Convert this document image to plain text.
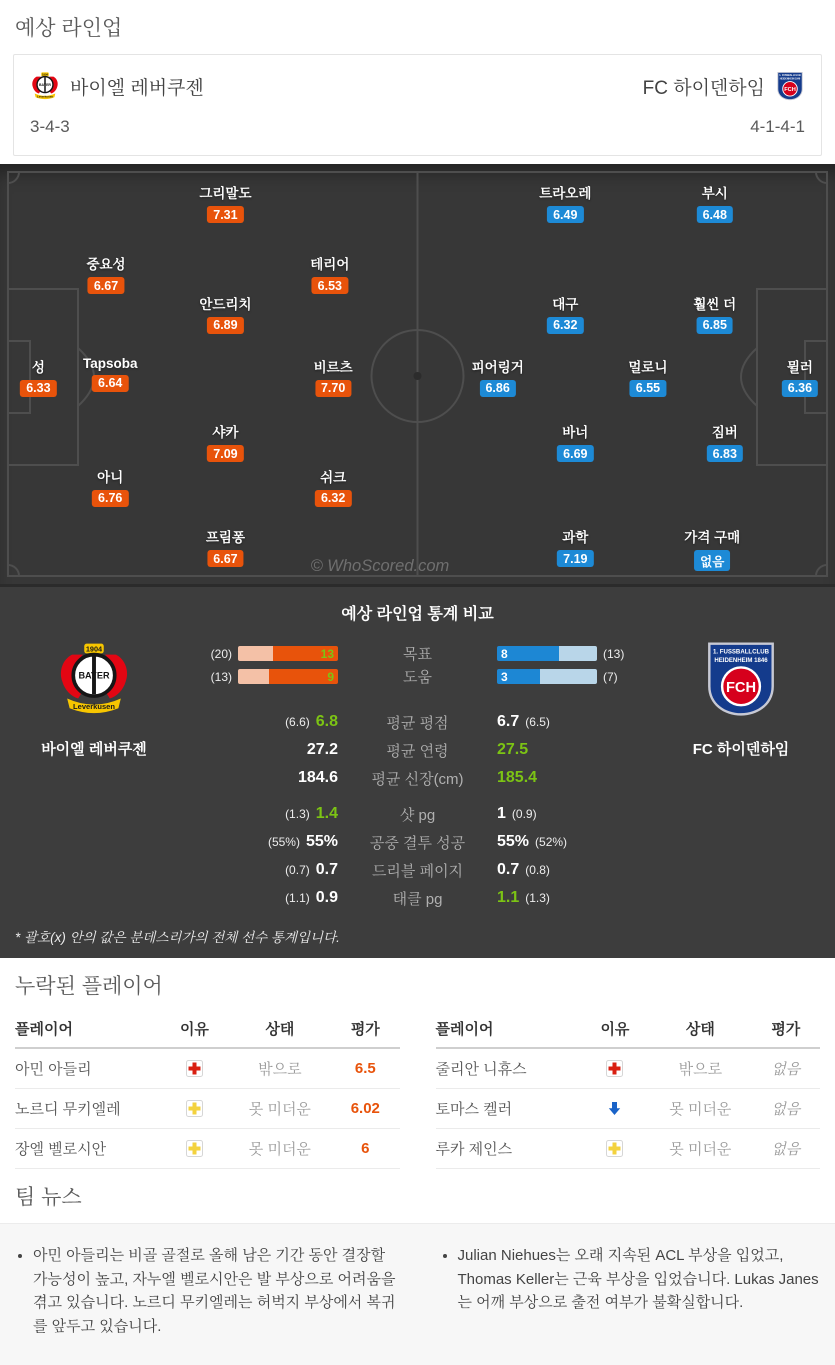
예상 라인업
바이엘 레버쿠젠	FC 하이덴하임
3-4-3	4-1-4-1
© WhoScored.com
그리말도
7.31
중요성
6.67
테리어
6.53
안드리치
6.89
성
6.33
Tapsoba
6.64
비르츠
7.70
샤카
7.09
아니
6.76
쉬크
6.32
프림퐁
6.67
트라오레
6.49
부시
6.48
대구
6.32
훨씬 더
6.85
피어링거
6.86
멀로니
6.55
뮐러
6.36
바너
6.69
짐버
6.83
과학
7.19
가격 구매
없음
예상 라인업 통계 비교
바이엘 레버쿠젠
(20)	13	목표	8	(13)
(13)	9	도움	3	(7)
(6.6) 6.8	평균 평점	6.7 (6.5)
27.2	평균 연령	27.5
184.6	평균 신장(cm)	185.4
(1.3) 1.4	샷 pg	1 (0.9)
(55%) 55%	공중 결투 성공	55% (52%)
(0.7) 0.7	드리블 페이지	0.7 (0.8)
(1.1) 0.9	태클 pg	1.1 (1.3)
FC 하이덴하임
* 괄호(x) 안의 값은 분데스리가의 전체 선수 통계입니다.
누락된 플레이어
플레이어	이유	상태	평가
아민 아들리	밖으로	6.5
노르디 무키엘레	못 미더운	6.02
장엘 벨로시안	못 미더운	6
플레이어	이유	상태	평가
줄리안 니휴스	밖으로	없음
토마스 켈러	못 미더운	없음
루카 제인스	못 미더운	없음
팀 뉴스
• 아민 아들리는 비골 골절로 올해 남은 기간 동안 결장할 가능성이 높고, 자누엘 벨로시안은 발 부상으로 어려움을 겪고 있습니다. 노르디 무키엘레는 허벅지 부상에서 복귀를 앞두고 있습니다.
• Julian Niehues는 오래 지속된 ACL 부상을 입었고, Thomas Keller는 근육 부상을 입었습니다. Lukas Janes는 어깨 부상으로 출전 여부가 불확실합니다.
